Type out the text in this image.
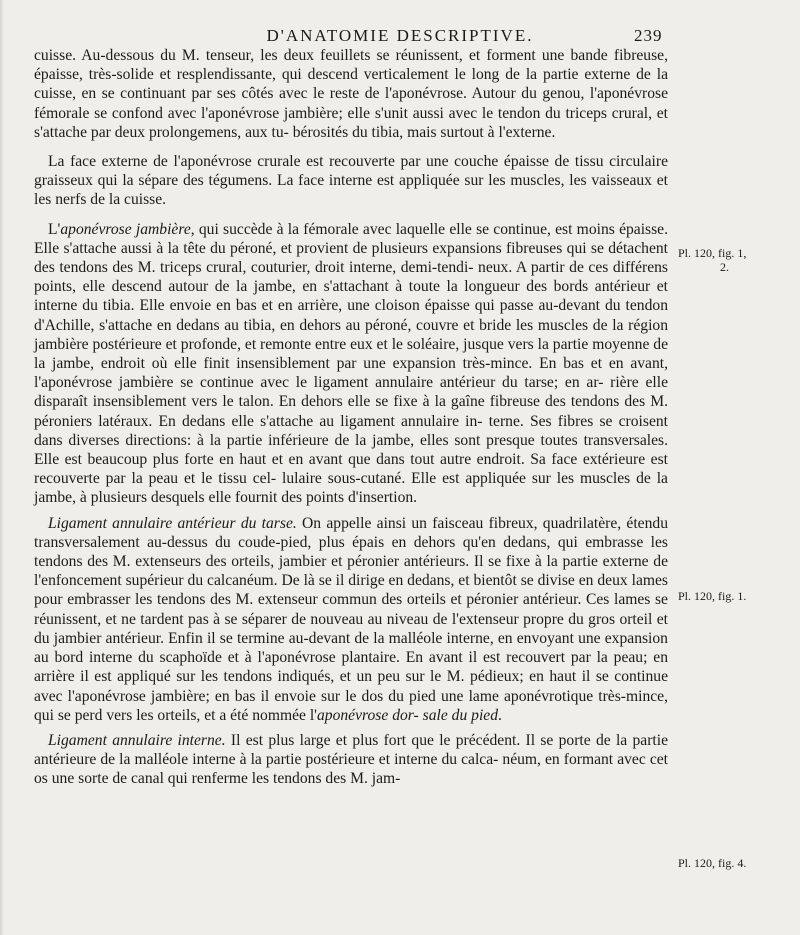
D'ANATOMIE DESCRIPTIVE.	239

cuisse. Au-dessous du M. tenseur, les deux feuillets se réunissent, et forment une bande fibreuse, épaisse, très-solide et resplendissante, qui descend verticalement le long de la partie externe de la cuisse, en se continuant par ses côtés avec le reste de l'aponévrose. Autour du genou, l'aponévrose fémorale se confond avec l'aponévrose jambière; elle s'unit aussi avec le tendon du triceps crural, et s'attache par deux prolongemens, aux tu- bérosités du tibia, mais surtout à l'externe.

La face externe de l'aponévrose crurale est recouverte par une couche épaisse de tissu circulaire graisseux qui la sépare des tégumens. La face interne est appliquée sur les muscles, les vaisseaux et les nerfs de la cuisse.

L'aponévrose jambière, qui succède à la fémorale avec laquelle elle se continue, est moins épaisse. Elle s'attache aussi à la tête du péroné, et provient de plusieurs expansions fibreuses qui se détachent des tendons des M. triceps crural, couturier, droit interne, demi-tendi- neux. A partir de ces différens points, elle descend autour de la jambe, en s'attachant à toute la longueur des bords antérieur et interne du tibia. Elle envoie en bas et en arrière, une cloison épaisse qui passe au-devant du tendon d'Achille, s'attache en dedans au tibia, en dehors au péroné, couvre et bride les muscles de la région jambière postérieure et profonde, et remonte entre eux et le soléaire, jusque vers la partie moyenne de la jambe, endroit où elle finit insensiblement par une expansion très-mince. En bas et en avant, l'aponévrose jambière se continue avec le ligament annulaire antérieur du tarse; en ar- rière elle disparaît insensiblement vers le talon. En dehors elle se fixe à la gaîne fibreuse des tendons des M. péroniers latéraux. En dedans elle s'attache au ligament annulaire in- terne. Ses fibres se croisent dans diverses directions: à la partie inférieure de la jambe, elles sont presque toutes transversales. Elle est beaucoup plus forte en haut et en avant que dans tout autre endroit. Sa face extérieure est recouverte par la peau et le tissu cel- lulaire sous-cutané. Elle est appliquée sur les muscles de la jambe, à plusieurs desquels elle fournit des points d'insertion.

Ligament annulaire antérieur du tarse. On appelle ainsi un faisceau fibreux, quadrilatère, étendu transversalement au-dessus du coude-pied, plus épais en dehors qu'en dedans, qui embrasse les tendons des M. extenseurs des orteils, jambier et péronier antérieurs. Il se fixe à la partie externe de l'enfoncement supérieur du calcanéum. De là se il dirige en dedans, et bientôt se divise en deux lames pour embrasser les tendons des M. extenseur commun des orteils et péronier antérieur. Ces lames se réunissent, et ne tardent pas à se séparer de nouveau au niveau de l'extenseur propre du gros orteil et du jambier antérieur. Enfin il se termine au-devant de la malléole interne, en envoyant une expansion au bord interne du scaphoïde et à l'aponévrose plantaire. En avant il est recouvert par la peau; en arrière il est appliqué sur les tendons indiqués, et un peu sur le M. pédieux; en haut il se continue avec l'aponévrose jambière; en bas il envoie sur le dos du pied une lame aponévrotique très-mince, qui se perd vers les orteils, et a été nommée l'aponévrose dor- sale du pied.

Ligament annulaire interne. Il est plus large et plus fort que le précédent. Il se porte de la partie antérieure de la malléole interne à la partie postérieure et interne du calca- néum, en formant avec cet os une sorte de canal qui renferme les tendons des M. jam-

Pl. 120, fig. 1,
2.
Pl. 120, fig. 1.
Pl. 120, fig. 4.
